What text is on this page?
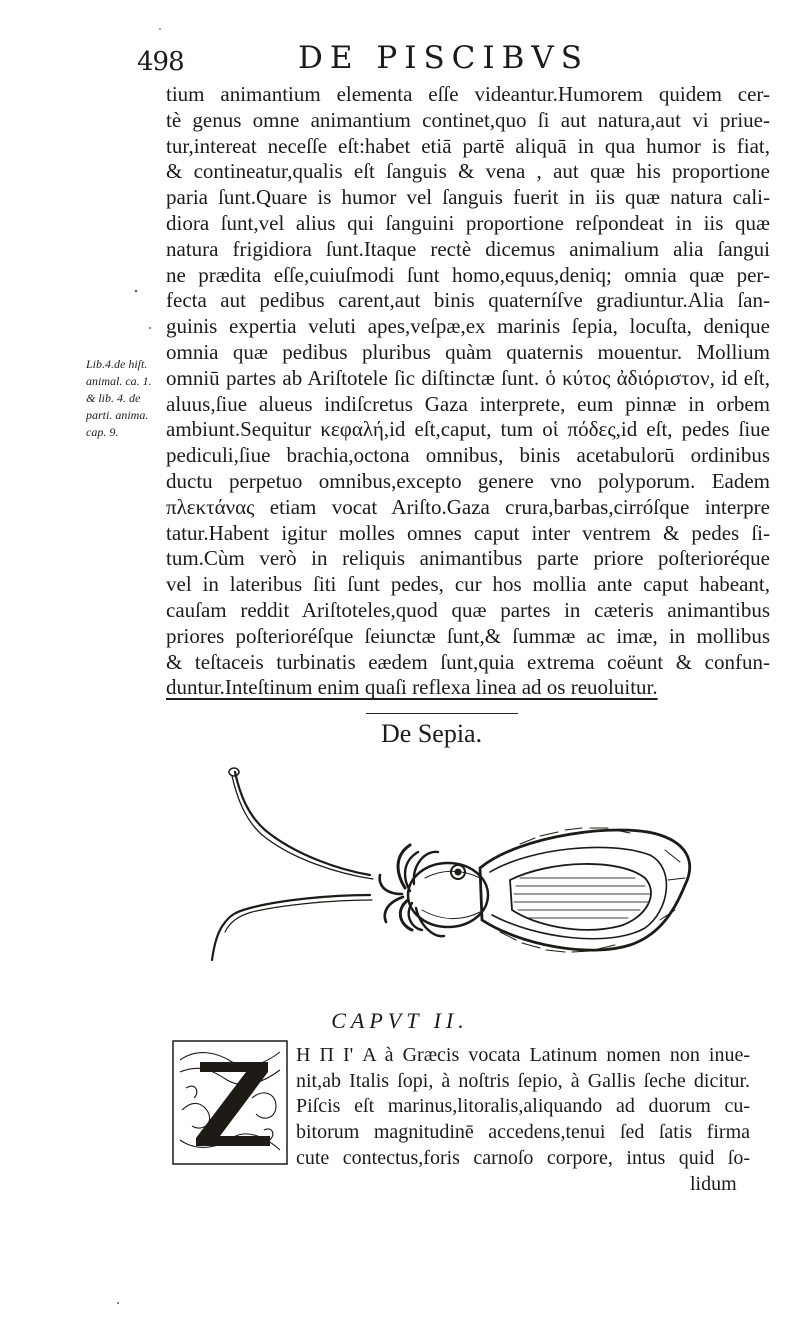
498	DE PISCIBVS
Lib.4.de hiſt.
animal. ca. 1.
& lib. 4. de
parti. anima.
cap. 9.
tium animantium elementa eſſe videantur.Humorem quidem cer-
tè genus omne animantium continet,quo ſi aut natura,aut vi priue-
tur,intereat neceſſe eſt:habet etiā partē aliquā in qua humor is fiat,
& contineatur,qualis eſt ſanguis & vena , aut quæ his proportione
paria ſunt.Quare is humor vel ſanguis fuerit in iis quæ natura cali-
diora ſunt,vel alius qui ſanguini proportione reſpondeat in iis quæ
natura frigidiora ſunt.Itaque rectè dicemus animalium alia ſangui
ne prædita eſſe,cuiuſmodi ſunt homo,equus,deniq; omnia quæ per-
fecta aut pedibus carent,aut binis quaterníſve gradiuntur.Alia ſan-
guinis expertia veluti apes,veſpæ,ex marinis ſepia, locuſta, denique
omnia quæ pedibus pluribus quàm quaternis mouentur. Mollium
omniū partes ab Ariſtotele ſic diſtinctæ ſunt. ὁ κύτος ἀδιόριστον, id eſt,
aluus,ſiue alueus indiſcretus Gaza interprete, eum pinnæ in orbem
ambiunt.Sequitur κεφαλή,id eſt,caput, tum οἱ πόδες,id eſt, pedes ſiue
pediculi,ſiue brachia,octona omnibus, binis acetabulorū ordinibus
ductu perpetuo omnibus,excepto genere vno polyporum. Eadem
πλεκτάνας etiam vocat Ariſto.Gaza crura,barbas,cirróſque interpre
tatur.Habent igitur molles omnes caput inter ventrem & pedes ſi-
tum.Cùm verò in reliquis animantibus parte priore poſterioréque
vel in lateribus ſiti ſunt pedes, cur hos mollia ante caput habeant,
cauſam reddit Ariſtoteles,quod quæ partes in cæteris animantibus
priores poſterioréſque ſeiunctæ ſunt,& ſummæ ac imæ, in mollibus
& teſtaceis turbinatis eædem ſunt,quia extrema coëunt & confun-
duntur.Inteſtinum enim quaſi reflexa linea ad os reuoluitur.
De Sepia.
CAPVT II.
H Π Ι' A à Græcis vocata Latinum nomen non inue-
nit,ab Italis ſopi, à noſtris ſepio, à Gallis ſeche dicitur.
Piſcis eſt marinus,litoralis,aliquando ad duorum cu-
bitorum magnitudinē accedens,tenui ſed ſatis firma
cute contectus,foris carnoſo corpore, intus quid ſo-
lidum
